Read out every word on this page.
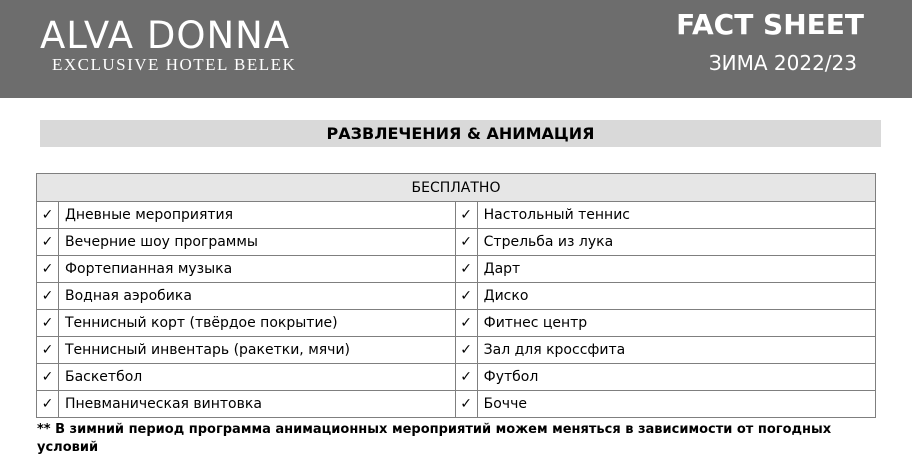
ALVA DONNA
EXCLUSIVE HOTEL BELEK
FACT SHEET
ЗИМА 2022/23
РАЗВЛЕЧЕНИЯ & АНИМАЦИЯ
БЕСПЛАТНО			
✓	Дневные мероприятия	✓	Настольный теннис
✓	Вечерние шоу программы	✓	Стрельба из лука
✓	Фортепианная музыка	✓	Дарт
✓	Водная аэробика	✓	Диско
✓	Теннисный корт (твёрдое покрытие)	✓	Фитнес центр
✓	Теннисный инвентарь (ракетки, мячи)	✓	Зал для кроссфита
✓	Баскетбол	✓	Футбол
✓	Пневманическая винтовка	✓	Бочче
** В зимний период программа анимационных мероприятий можем меняться в зависимости от погодных условий
